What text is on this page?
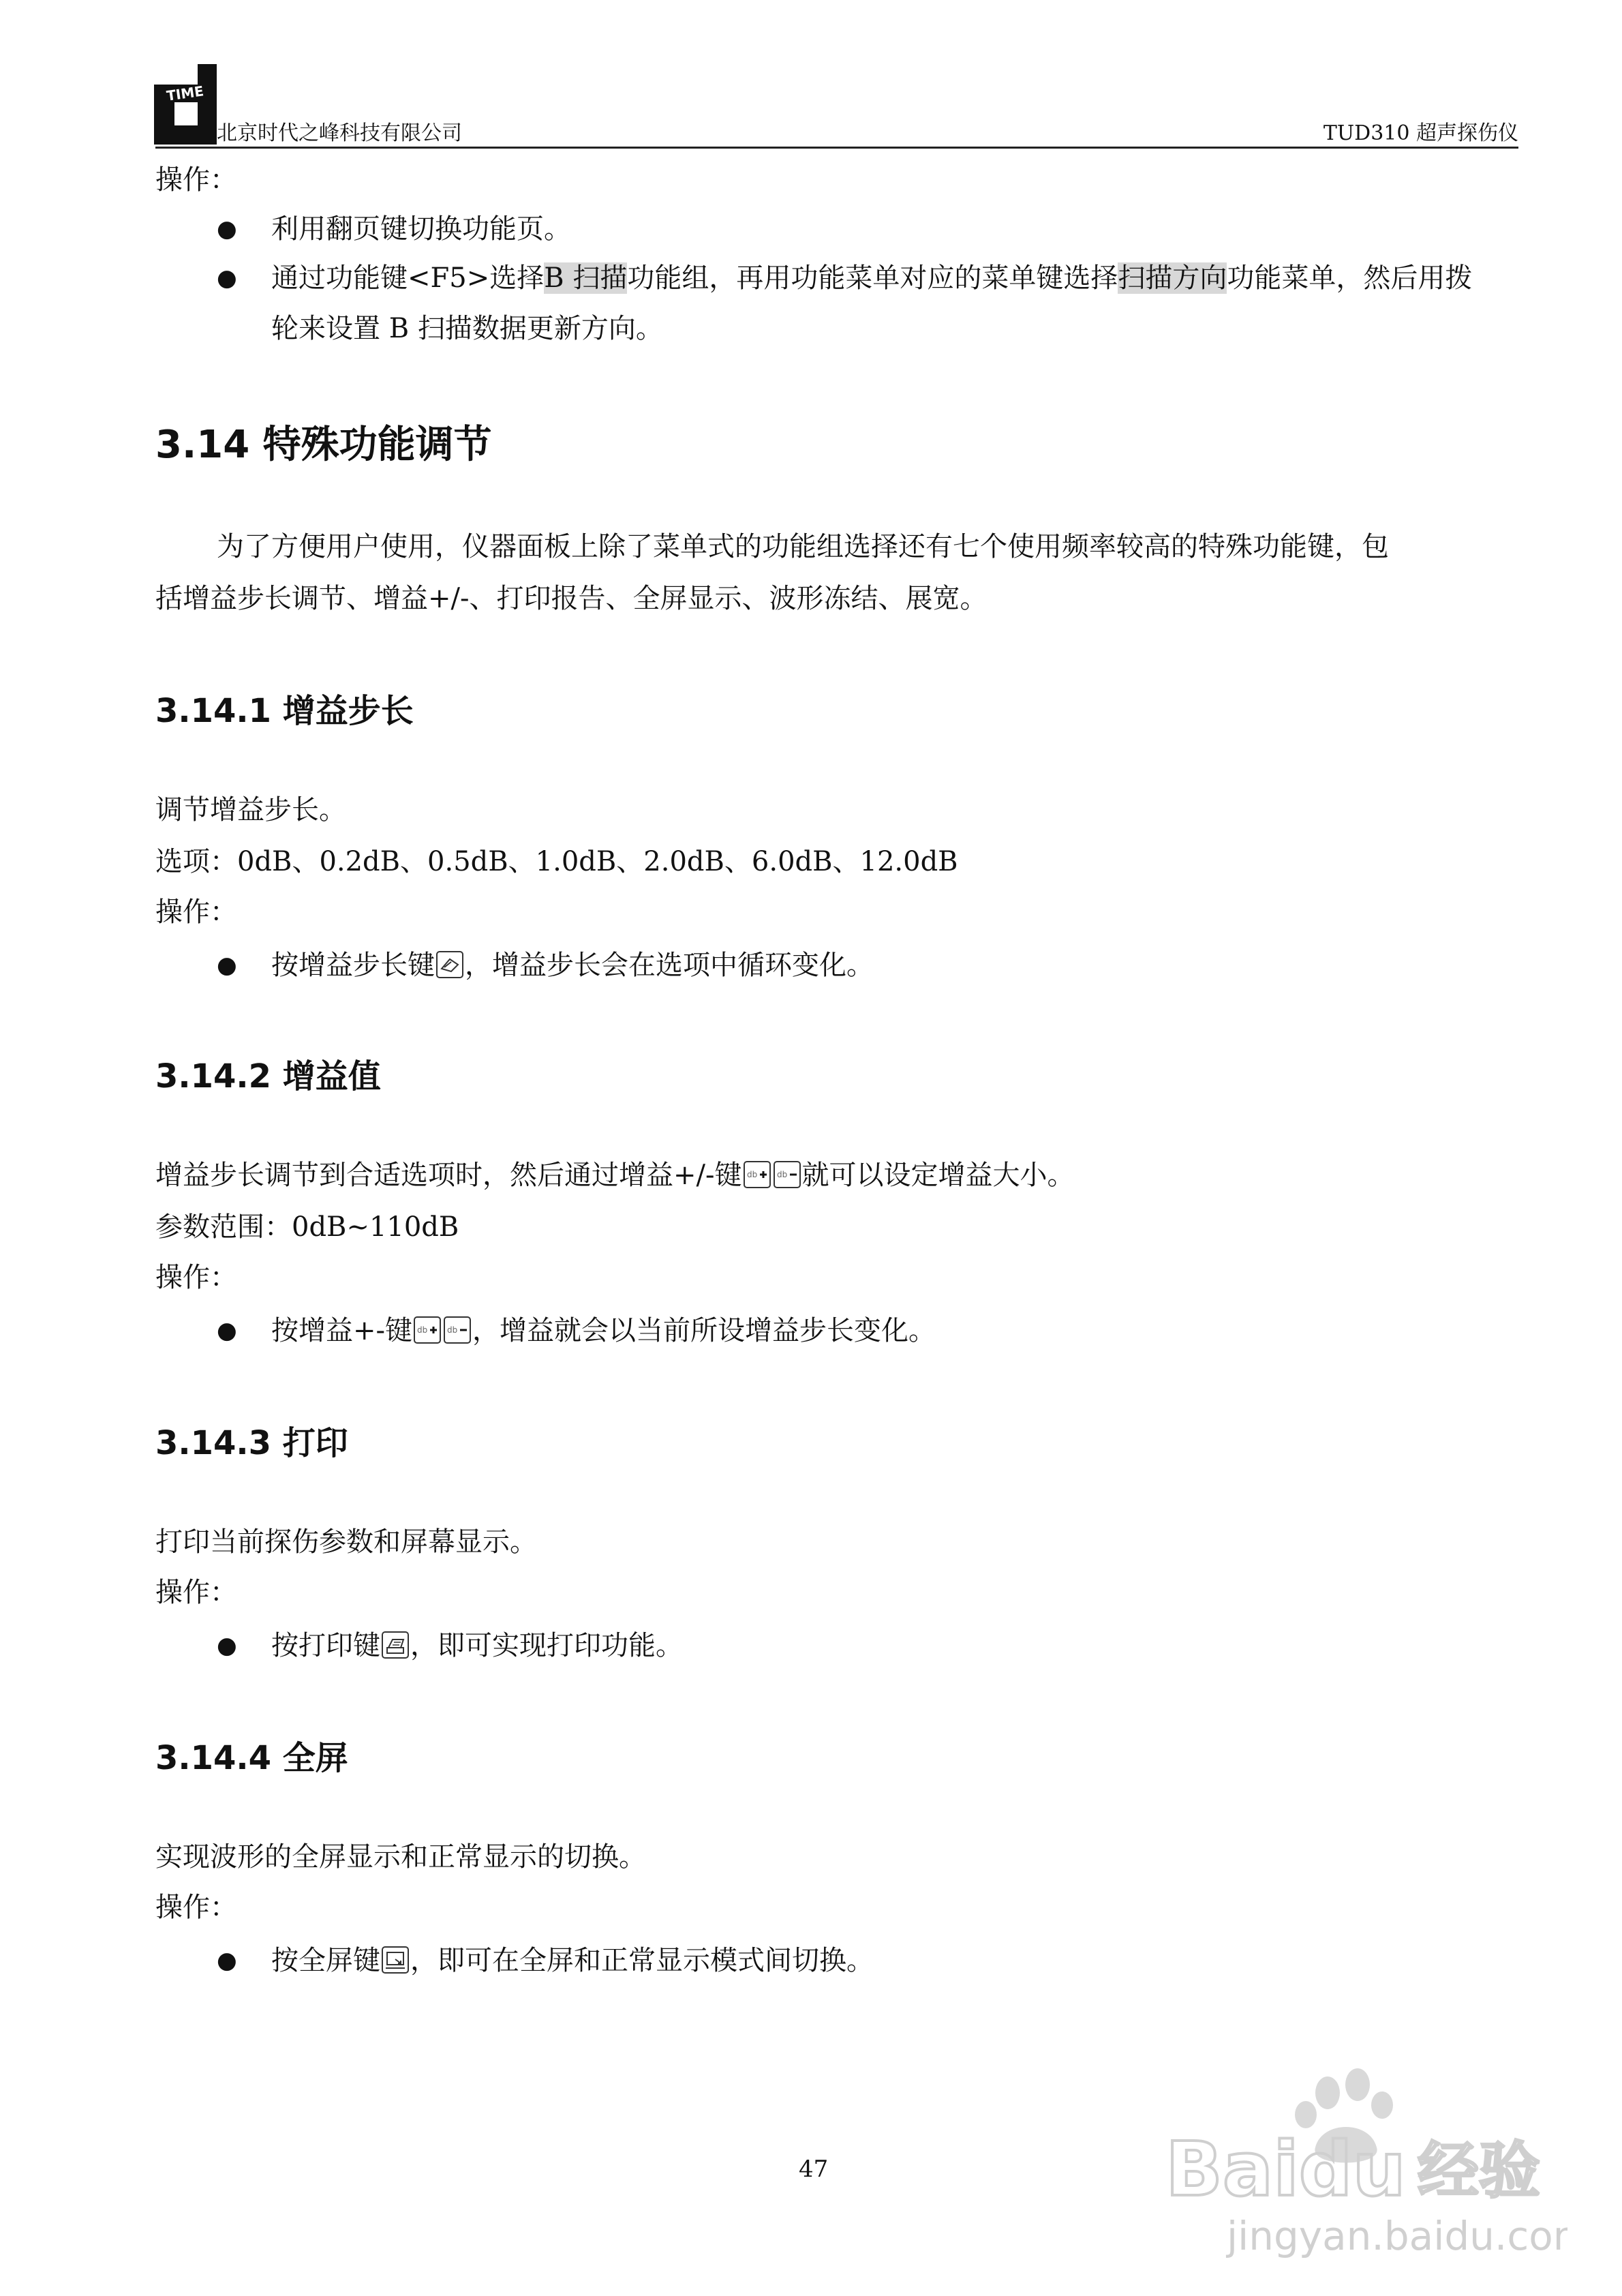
TIME
北京时代之峰科技有限公司	TUD310 超声探伤仪
操作：
● 利用翻页键切换功能页。
● 通过功能键<F5>选择B 扫描功能组，再用功能菜单对应的菜单键选择扫描方向功能菜单，然后用拨
轮来设置 B 扫描数据更新方向。
3.14 特殊功能调节
为了方便用户使用，仪器面板上除了菜单式的功能组选择还有七个使用频率较高的特殊功能键，包
括增益步长调节、增益+/-、打印报告、全屏显示、波形冻结、展宽。
3.14.1 增益步长
调节增益步长。
选项：0dB、0.2dB、0.5dB、1.0dB、2.0dB、6.0dB、12.0dB
操作：
● 按增益步长键 ，增益步长会在选项中循环变化。
3.14.2 增益值
增益步长调节到合适选项时，然后通过增益+/-键 db db 就可以设定增益大小。
参数范围：0dB~110dB
操作：
● 按增益+-键 db db ，增益就会以当前所设增益步长变化。
3.14.3 打印
打印当前探伤参数和屏幕显示。
操作：
● 按打印键 ，即可实现打印功能。
3.14.4 全屏
实现波形的全屏显示和正常显示的切换。
操作：
● 按全屏键 ，即可在全屏和正常显示模式间切换。
47	Baidu 经验
jingyan.baidu.com
